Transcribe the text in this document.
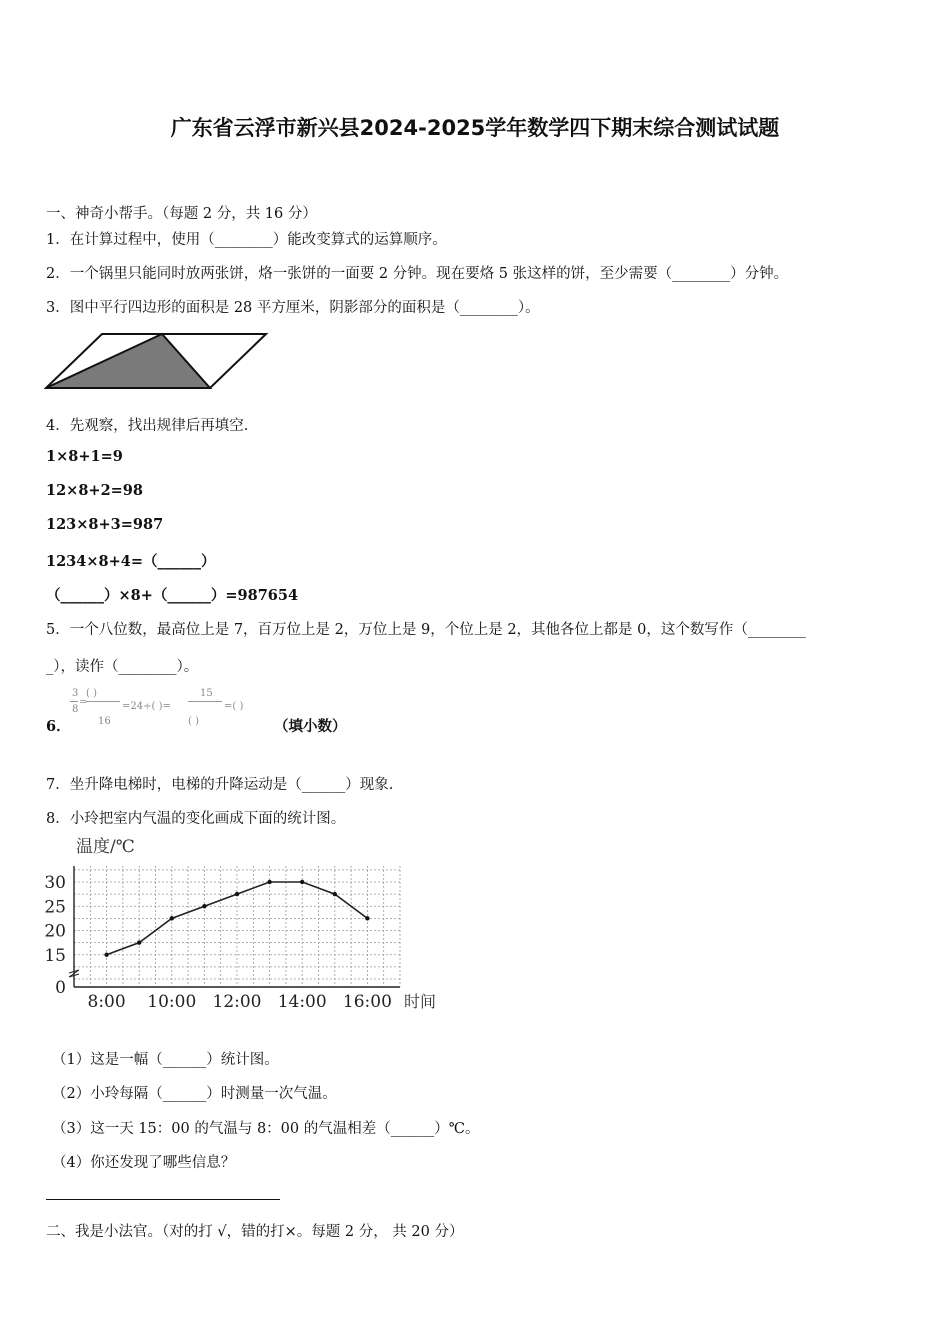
广东省云浮市新兴县2024-2025学年数学四下期末综合测试试题
一、神奇小帮手。（每题 2 分，共 16 分）
1．在计算过程中，使用（________）能改变算式的运算顺序。
2．一个锅里只能同时放两张饼，烙一张饼的一面要 2 分钟。现在要烙 5 张这样的饼，至少需要（________）分钟。
3．图中平行四边形的面积是 28 平方厘米，阴影部分的面积是（________）。
4．先观察，找出规律后再填空.
1×8+1=9
12×8+2=98
123×8+3=987
1234×8+4=（______）
（______）×8+（______）=987654
5．一个八位数，最高位上是 7，百万位上是 2，万位上是 9，个位上是 2，其他各位上都是 0，这个数写作（________
_），读作（________）。
6．
3
8
=
( )
16
=24÷( )=
15
( )
=( )
（填小数）
7．坐升降电梯时，电梯的升降运动是（______）现象.
8．小玲把室内气温的变化画成下面的统计图。
温度/℃
30
25
20
15
0
8:00 10:00 12:00 14:00 16:00 时间
（1）这是一幅（______）统计图。
（2）小玲每隔（______）时测量一次气温。
（3）这一天 15：00 的气温与 8：00 的气温相差（______）℃。
（4）你还发现了哪些信息？
二、我是小法官。（对的打 √，错的打×。每题 2 分， 共 20 分）
